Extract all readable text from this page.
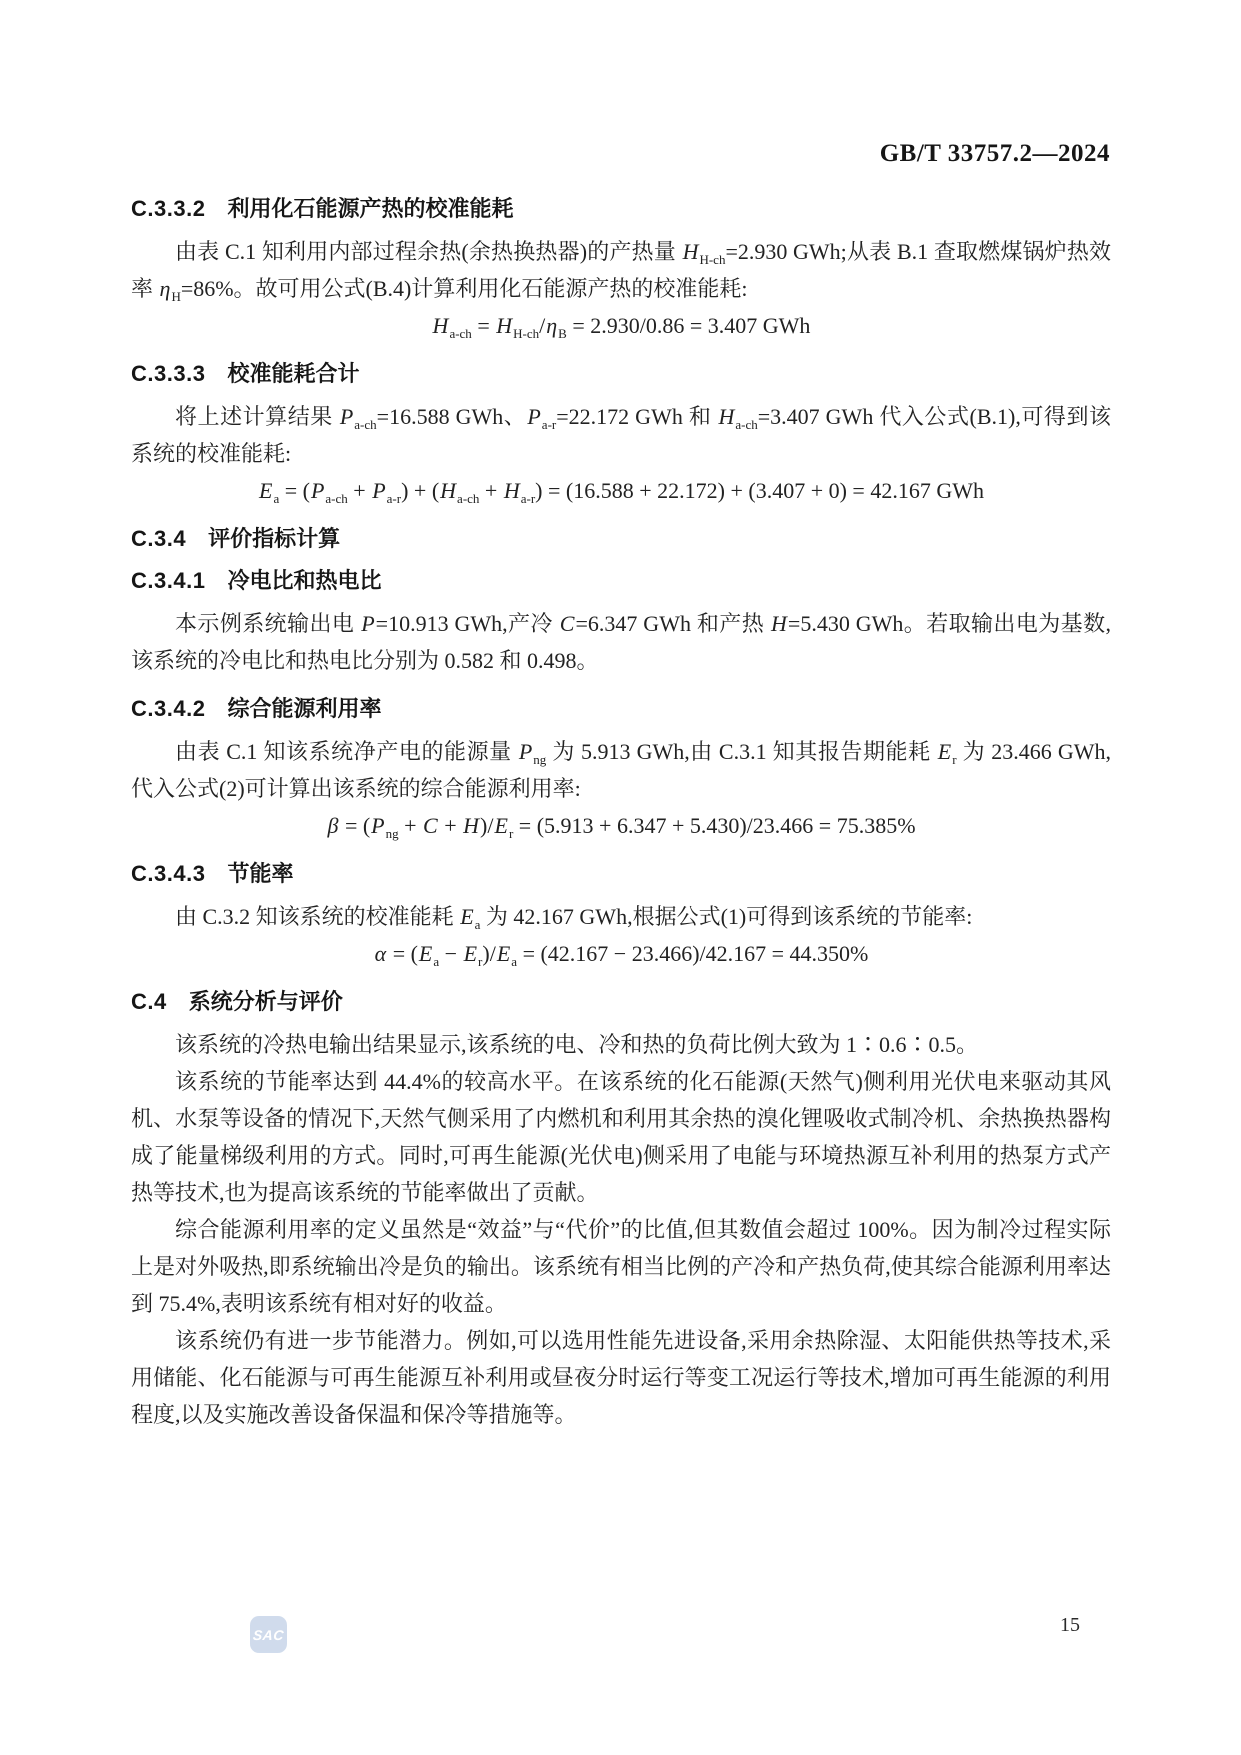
GB/T 33757.2—2024
C.3.3.2 利用化石能源产热的校准能耗

由表 C.1 知利用内部过程余热(余热换热器)的产热量 $H_{H-ch}=2.930$ GWh;从表 B.1 查取燃煤锅炉热效率 $\eta_H=86\%$。故可用公式(B.4)计算利用化石能源产热的校准能耗:

$H_{a-ch} = H_{H-ch}/\eta_B = 2.930/0.86 = 3.407$ GWh

C.3.3.3 校准能耗合计

将上述计算结果 $P_{a-ch}=16.588$ GWh、$P_{a-r}=22.172$ GWh 和 $H_{a-ch}=3.407$ GWh 代入公式(B.1),可得到该系统的校准能耗:

$E_a = (P_{a-ch} + P_{a-r}) + (H_{a-ch} + H_{a-r}) = (16.588 + 22.172) + (3.407 + 0) = 42.167$ GWh

C.3.4 评价指标计算
C.3.4.1 冷电比和热电比

本示例系统输出电 P=10.913 GWh,产冷 C=6.347 GWh 和产热 H=5.430 GWh。若取输出电为基数,该系统的冷电比和热电比分别为 0.582 和 0.498。

C.3.4.2 综合能源利用率

由表 C.1 知该系统净产电的能源量 $P_{ng}$ 为 5.913 GWh,由 C.3.1 知其报告期能耗 $E_r$ 为 23.466 GWh,代入公式(2)可计算出该系统的综合能源利用率:

$\beta = (P_{ng} + C + H)/E_r = (5.913 + 6.347 + 5.430)/23.466 = 75.385\%$

C.3.4.3 节能率

由 C.3.2 知该系统的校准能耗 $E_a$ 为 42.167 GWh,根据公式(1)可得到该系统的节能率:

$\alpha = (E_a - E_r)/E_a = (42.167 - 23.466)/42.167 = 44.350\%$

C.4 系统分析与评价

该系统的冷热电输出结果显示,该系统的电、冷和热的负荷比例大致为 1∶0.6∶0.5。

该系统的节能率达到 44.4%的较高水平。在该系统的化石能源(天然气)侧利用光伏电来驱动其风机、水泵等设备的情况下,天然气侧采用了内燃机和利用其余热的溴化锂吸收式制冷机、余热换热器构成了能量梯级利用的方式。同时,可再生能源(光伏电)侧采用了电能与环境热源互补利用的热泵方式产热等技术,也为提高该系统的节能率做出了贡献。

综合能源利用率的定义虽然是“效益”与“代价”的比值,但其数值会超过 100%。因为制冷过程实际上是对外吸热,即系统输出冷是负的输出。该系统有相当比例的产冷和产热负荷,使其综合能源利用率达到 75.4%,表明该系统有相对好的收益。

该系统仍有进一步节能潜力。例如,可以选用性能先进设备,采用余热除湿、太阳能供热等技术,采用储能、化石能源与可再生能源互补利用或昼夜分时运行等变工况运行等技术,增加可再生能源的利用程度,以及实施改善设备保温和保冷等措施等。

SAC	15
